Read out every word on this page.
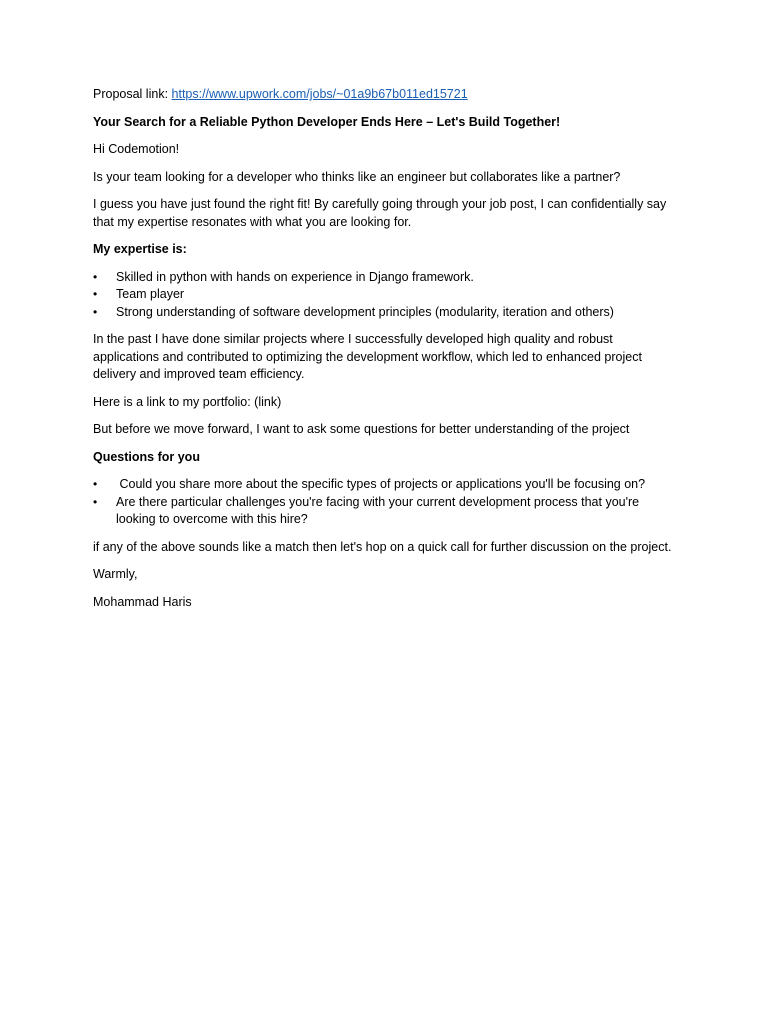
Proposal link: https://www.upwork.com/jobs/~01a9b67b011ed15721

Your Search for a Reliable Python Developer Ends Here – Let's Build Together!

Hi Codemotion!

Is your team looking for a developer who thinks like an engineer but collaborates like a partner?

I guess you have just found the right fit! By carefully going through your job post, I can confidentially say that my expertise resonates with what you are looking for.

My expertise is:

• Skilled in python with hands on experience in Django framework.
• Team player
• Strong understanding of software development principles (modularity, iteration and others)

In the past I have done similar projects where I successfully developed high quality and robust applications and contributed to optimizing the development workflow, which led to enhanced project delivery and improved team efficiency.

Here is a link to my portfolio: (link)

But before we move forward, I want to ask some questions for better understanding of the project

Questions for you

• Could you share more about the specific types of projects or applications you'll be focusing on?
• Are there particular challenges you're facing with your current development process that you're looking to overcome with this hire?

if any of the above sounds like a match then let's hop on a quick call for further discussion on the project.

Warmly,

Mohammad Haris
